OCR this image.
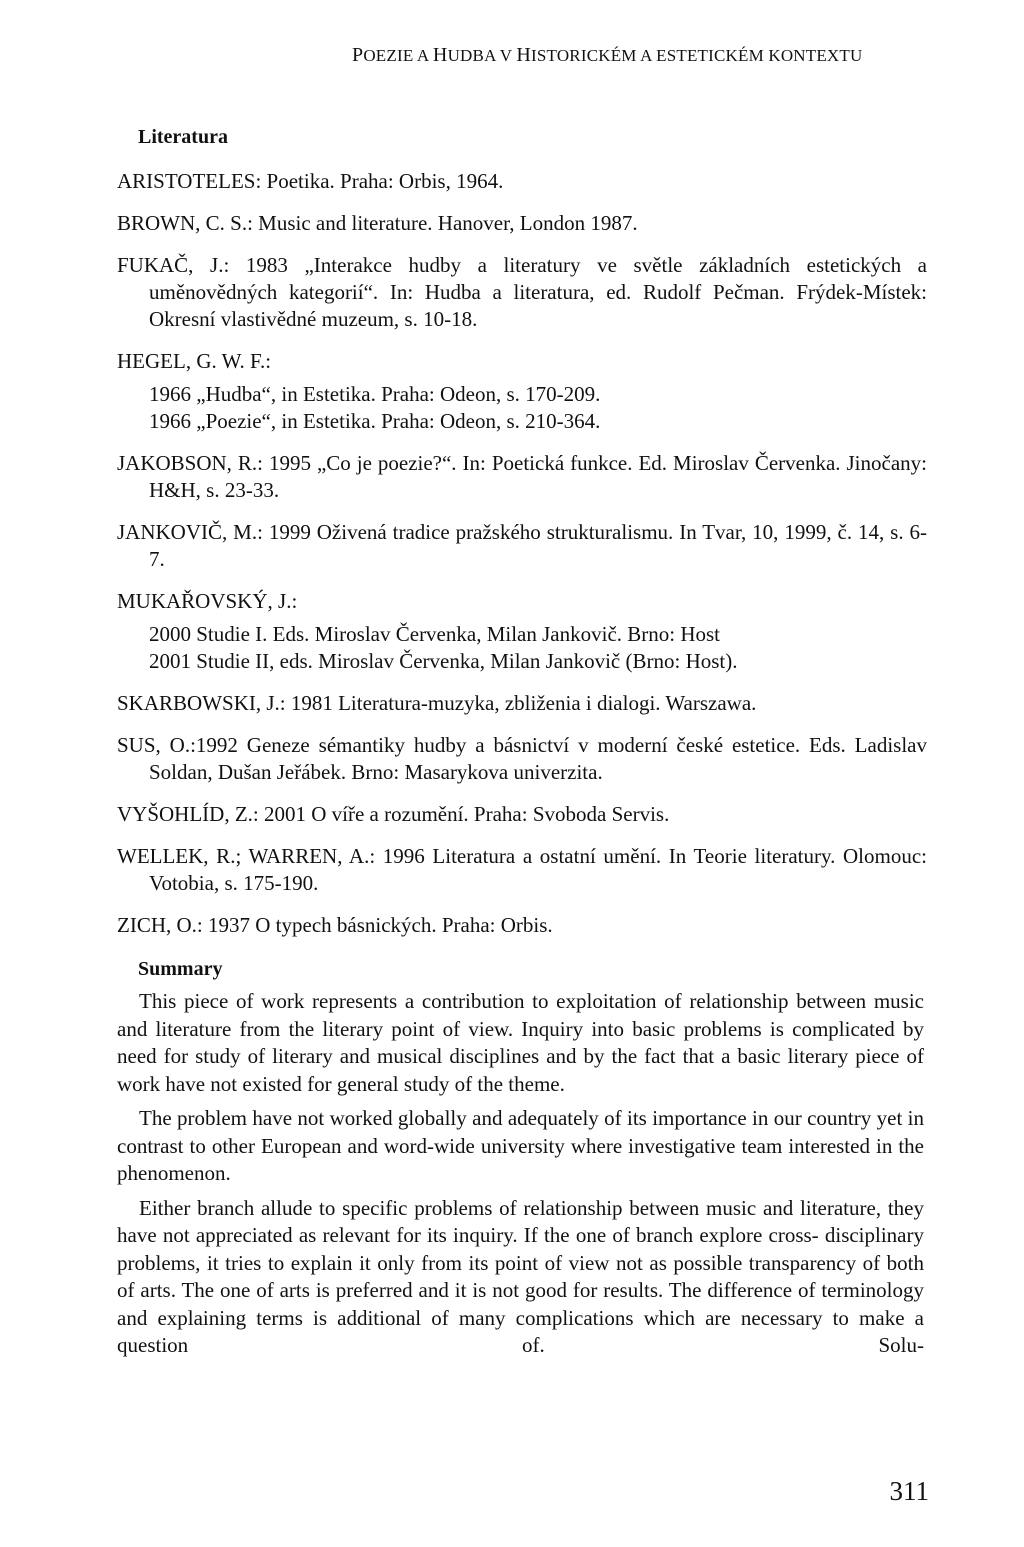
POEZIE A HUDBA V HISTORICKÉM A ESTETICKÉM KONTEXTU
Literatura
ARISTOTELES: Poetika. Praha: Orbis, 1964.
BROWN, C. S.: Music and literature. Hanover, London 1987.
FUKAČ, J.: 1983 „Interakce hudby a literatury ve světle základních estetických a uměnovědných kategorií“. In: Hudba a literatura, ed. Rudolf Pečman. Frýdek-Místek: Okresní vlastivědné muzeum, s. 10-18.
HEGEL, G. W. F.:
1966 „Hudba“, in Estetika. Praha: Odeon, s. 170-209.
1966 „Poezie“, in Estetika. Praha: Odeon, s. 210-364.
JAKOBSON, R.: 1995 „Co je poezie?“. In: Poetická funkce. Ed. Miroslav Červenka. Jinočany: H&H, s. 23-33.
JANKOVIČ, M.: 1999 Oživená tradice pražského strukturalismu. In Tvar, 10, 1999, č. 14, s. 6-7.
MUKAŘOVSKÝ, J.:
2000 Studie I. Eds. Miroslav Červenka, Milan Jankovič. Brno: Host
2001 Studie II, eds. Miroslav Červenka, Milan Jankovič (Brno: Host).
SKARBOWSKI, J.: 1981 Literatura-muzyka, zbliženia i dialogi. Warszawa.
SUS, O.:1992 Geneze sémantiky hudby a básnictví v moderní české estetice. Eds. Ladislav Soldan, Dušan Jeřábek. Brno: Masarykova univerzita.
VYŠOHLÍD, Z.: 2001 O víře a rozumění. Praha: Svoboda Servis.
WELLEK, R.; WARREN, A.: 1996 Literatura a ostatní umění. In Teorie literatury. Olomouc: Votobia, s. 175-190.
ZICH, O.: 1937 O typech básnických. Praha: Orbis.
Summary

This piece of work represents a contribution to exploitation of relationship between music and literature from the literary point of view. Inquiry into basic problems is complicated by need for study of literary and musical disciplines and by the fact that a basic literary piece of work have not existed for general study of the theme.

The problem have not worked globally and adequately of its importance in our country yet in contrast to other European and word-wide university where investigative team interested in the phenomenon.

Either branch allude to specific problems of relationship between music and literature, they have not appreciated as relevant for its inquiry. If the one of branch explore cross- disciplinary problems, it tries to explain it only from its point of view not as possible transparency of both of arts. The one of arts is preferred and it is not good for results. The difference of terminology and explaining terms is additional of many complications which are necessary to make a question of. Solu-

311
